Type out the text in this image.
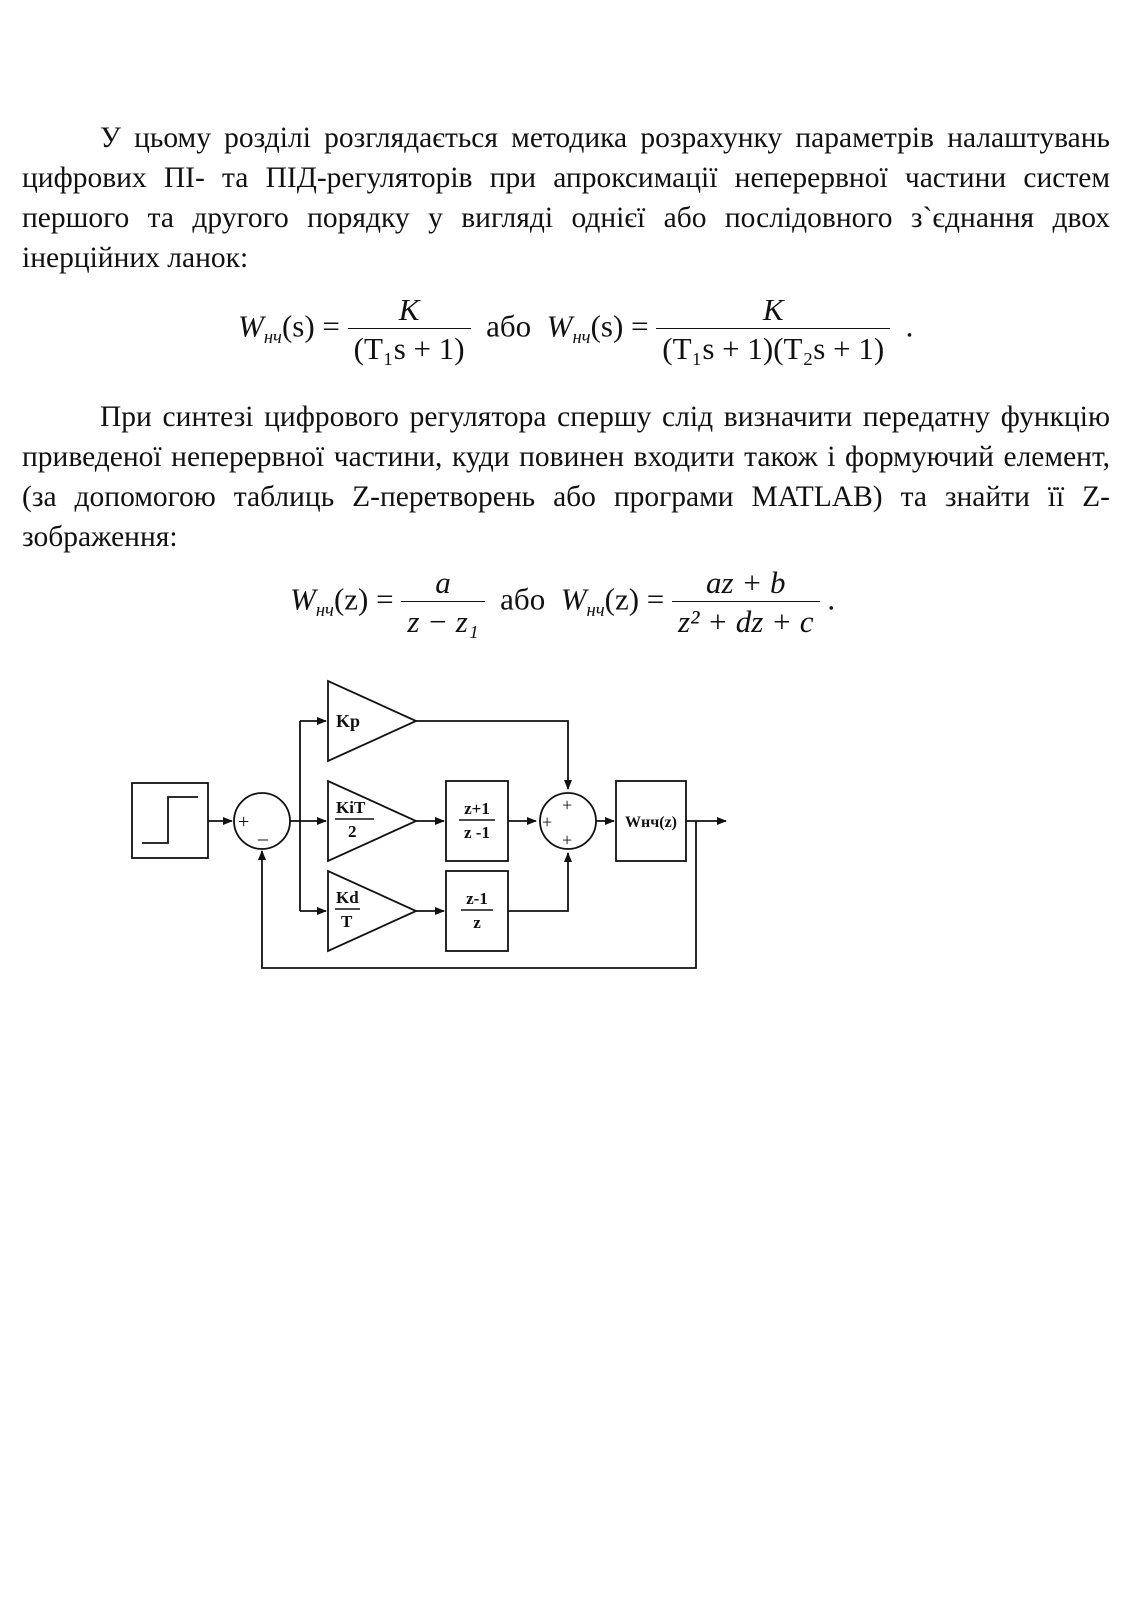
У цьому розділі розглядається методика розрахунку параметрів налаштувань цифрових ПІ- та ПІД-регуляторів при апроксимації неперервної частини систем першого та другого порядку у вигляді однієї або послідовного з`єднання двох інерційних ланок:

$W_{нч}(s) = \frac{K}{\text{(T₁s + 1)}}$ або $W_{нч}(s) = \frac{K}{\text{(T₁s + 1)(T₂s + 1)}}$ .

При синтезі цифрового регулятора спершу слід визначити передатну функцію приведеної неперервної частини, куди повинен входити також і формуючий елемент, (за допомогою таблиць Z-перетворень або програми MATLAB) та знайти її Z-зображення:

$W_{нч}(z) = \frac{a}{\text{z − z₁}}$ або $W_{нч}(z) = \frac{az + b}{\text{z² + dz + c}}$ .
+ _
Kp
KiT
2
Kd
T
z+1
z -1
z-1
z
+
+
+
Wнч(z)
